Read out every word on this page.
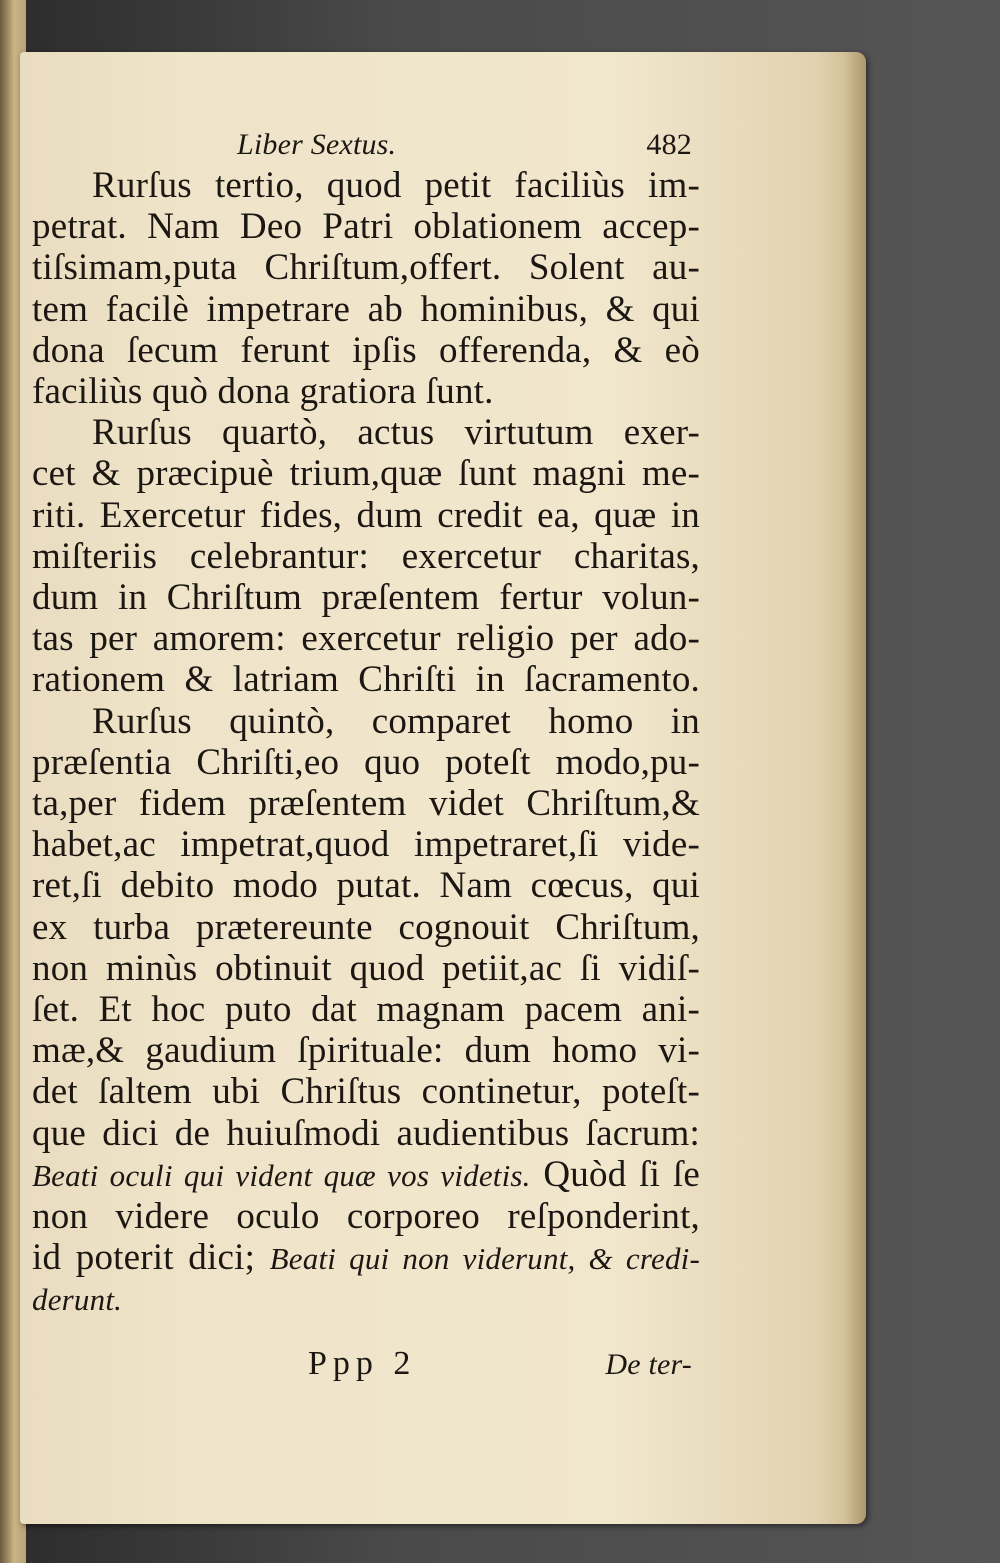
Liber Sextus.	482
Rurſus tertio, quod petit faciliùs im-
petrat. Nam Deo Patri oblationem accep-
tiſsimam,puta Chriſtum,offert. Solent au-
tem facilè impetrare ab hominibus, & qui
dona ſecum ferunt ipſis offerenda, & eò
faciliùs quò dona gratiora ſunt.
Rurſus quartò, actus virtutum exer-
cet & præcipuè trium,quæ ſunt magni me-
riti. Exercetur fides, dum credit ea, quæ in
miſteriis celebrantur: exercetur charitas,
dum in Chriſtum præſentem fertur volun-
tas per amorem: exercetur religio per ado-
rationem & latriam Chriſti in ſacramento.
Rurſus quintò, comparet homo in
præſentia Chriſti,eo quo poteſt modo,pu-
ta,per fidem præſentem videt Chriſtum,&
habet,ac impetrat,quod impetraret,ſi vide-
ret,ſi debito modo putat. Nam cœcus, qui
ex turba prætereunte cognouit Chriſtum,
non minùs obtinuit quod petiit,ac ſi vidiſ-
ſet. Et hoc puto dat magnam pacem ani-
mæ,& gaudium ſpirituale: dum homo vi-
det ſaltem ubi Chriſtus continetur, poteſt-
que dici de huiuſmodi audientibus ſacrum:
Beati oculi qui vident quæ vos videtis. Quòd ſi ſe
non videre oculo corporeo reſponderint,
id poterit dici; Beati qui non viderunt, & credi-
derunt.
Ppp 2	De ter-
